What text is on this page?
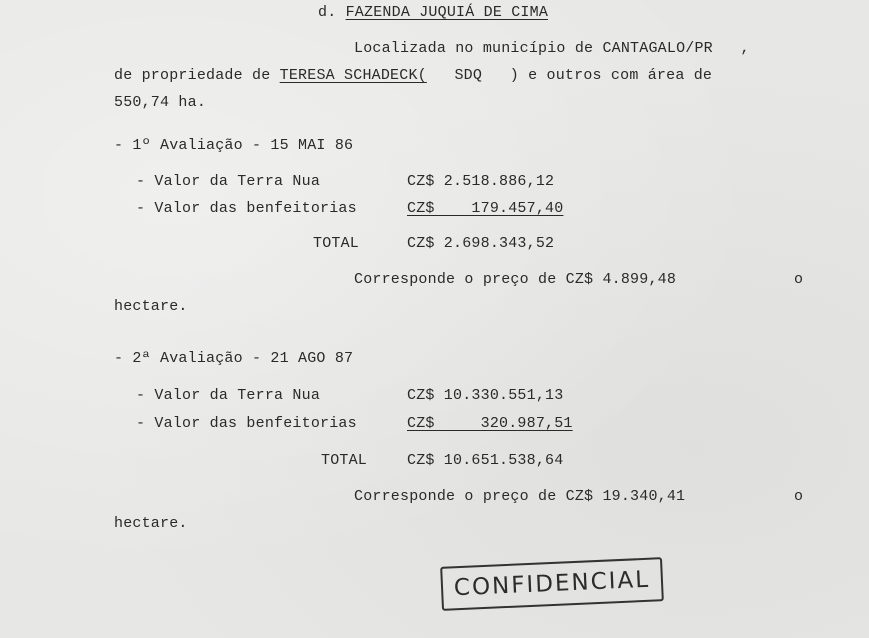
d. FAZENDA JUQUIÁ DE CIMA
Localizada no município de CANTAGALO/PR   ,
de propriedade de TERESA SCHADECK(   SDQ   ) e outros com área de
550,74 ha.
- 1º Avaliação - 15 MAI 86
- Valor da Terra Nua	CZ$ 2.518.886,12
- Valor das benfeitorias	CZ$    179.457,40
TOTAL	CZ$ 2.698.343,52
Corresponde o preço de CZ$ 4.899,48	o
hectare.
- 2ª Avaliação - 21 AGO 87
- Valor da Terra Nua	CZ$ 10.330.551,13
- Valor das benfeitorias	CZ$     320.987,51
TOTAL	CZ$ 10.651.538,64
Corresponde o preço de CZ$ 19.340,41	o
hectare.
CONFIDENCIAL
